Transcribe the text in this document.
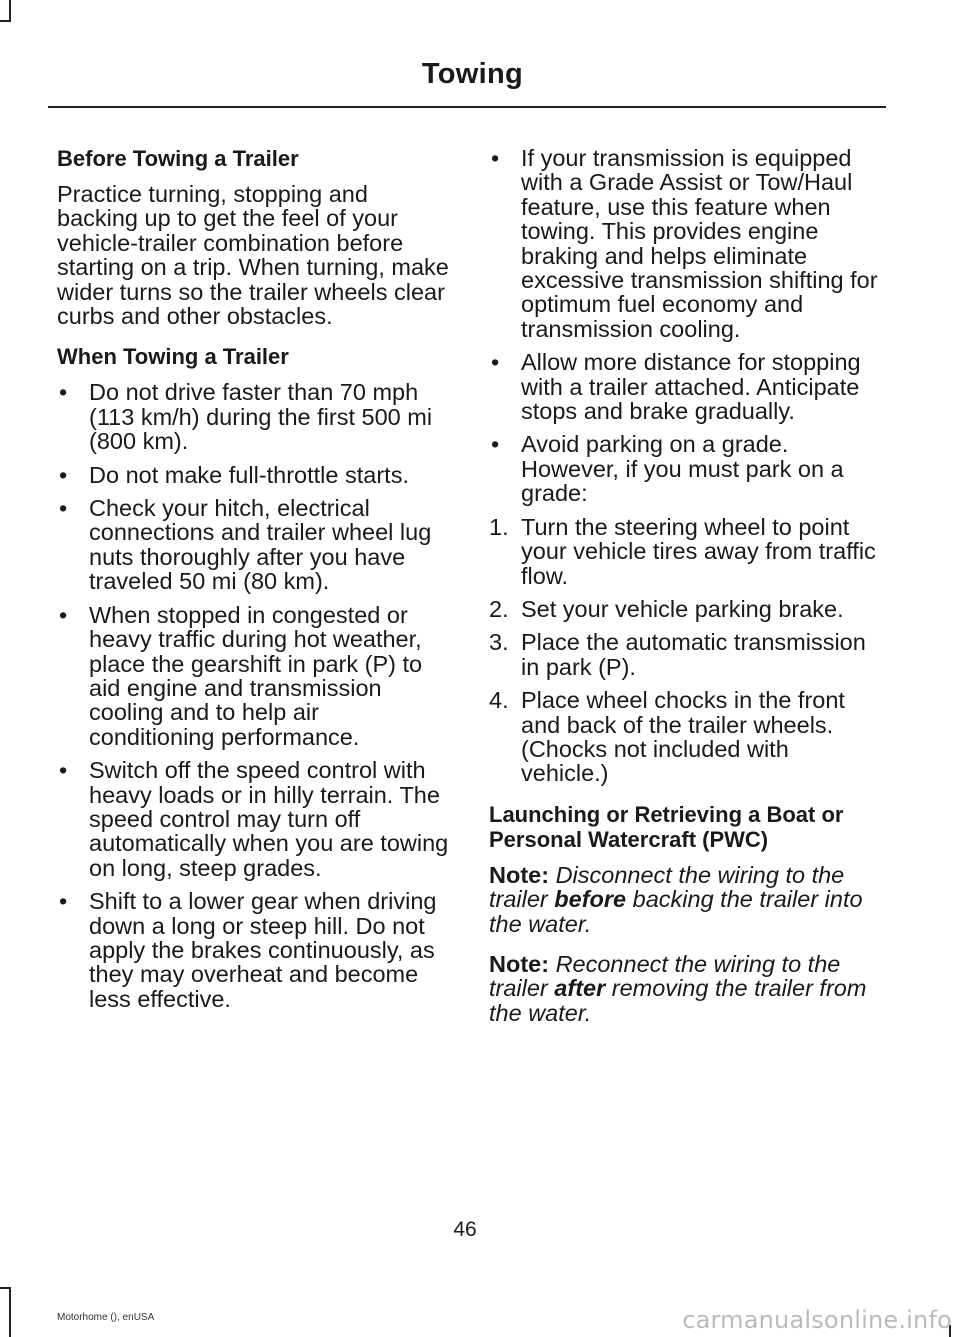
Towing
Before Towing a Trailer

Practice turning, stopping and backing up to get the feel of your vehicle-trailer combination before starting on a trip. When turning, make wider turns so the trailer wheels clear curbs and other obstacles.

When Towing a Trailer
• Do not drive faster than 70 mph (113 km/h) during the first 500 mi (800 km).
• Do not make full-throttle starts.
• Check your hitch, electrical connections and trailer wheel lug nuts thoroughly after you have traveled 50 mi (80 km).
• When stopped in congested or heavy traffic during hot weather, place the gearshift in park (P) to aid engine and transmission cooling and to help air conditioning performance.
• Switch off the speed control with heavy loads or in hilly terrain. The speed control may turn off automatically when you are towing on long, steep grades.
• Shift to a lower gear when driving down a long or steep hill. Do not apply the brakes continuously, as they may overheat and become less effective.
• If your transmission is equipped with a Grade Assist or Tow/Haul feature, use this feature when towing. This provides engine braking and helps eliminate excessive transmission shifting for optimum fuel economy and transmission cooling.
• Allow more distance for stopping with a trailer attached. Anticipate stops and brake gradually.
• Avoid parking on a grade. However, if you must park on a grade:
1. Turn the steering wheel to point your vehicle tires away from traffic flow.
2. Set your vehicle parking brake.
3. Place the automatic transmission in park (P).
4. Place wheel chocks in the front and back of the trailer wheels. (Chocks not included with vehicle.)
Launching or Retrieving a Boat or Personal Watercraft (PWC)

Note: Disconnect the wiring to the trailer before backing the trailer into the water.

Note: Reconnect the wiring to the trailer after removing the trailer from the water.

46
Motorhome (), enUSA	carmanualsonline.info
